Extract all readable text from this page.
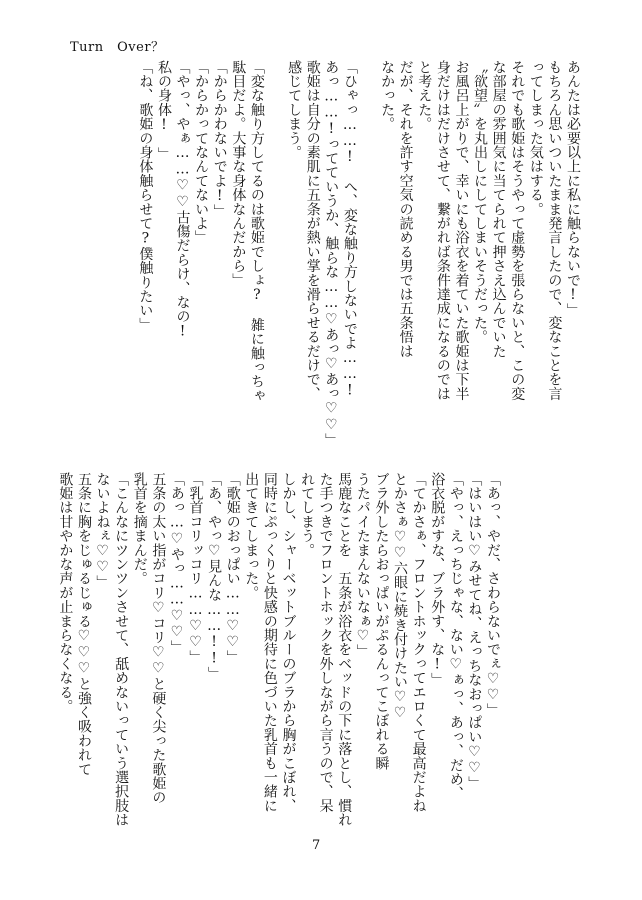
Turn　Over？
あんたは必要以上に私に触らないで!」
もちろん思いついたまま発言したので、変なことを言
ってしまった気はする。
それでも歌姫はそうやって虚勢を張らないと、この変
な部屋の雰囲気に当てられて押さえ込んでいた
〝欲望〟を丸出しにしてしまいそうだった。
お風呂上がりで、幸いにも浴衣を着ていた歌姫は下半
身だけはだけさせて、繋がれば条件達成になるのでは
と考えた。
だが、それを許す空気の読める男では五条悟は
なかった。

「ひゃっ……!　へ、変な触り方しないでよ……!
あっ……!ってていうか、触らな……♡あっ♡あっ♡♡」
歌姫は自分の素肌に五条が熱い掌を滑らせるだけで、
感じてしまう。

「変な触り方してるのは歌姫でしょ?　雑に触っちゃ
駄目だよ。大事な身体なんだから」
「からかわないでよ!」
「からかってなんてないよ」
「やっ、やぁ……♡♡古傷だらけ、なの!
私の身体!　」
「ね、歌姫の身体触らせて?僕触りたい」
「あっ、やだ、さわらないでぇ♡♡」
「はいはい♡みせてね、えっちなおっぱい♡♡」
「やっ、えっちじゃな、ない♡ぁっ、あっ、だめ、
浴衣脱がすな、ブラ外す、な!」
「てかさぁ、フロントホックってエロくて最高だよね
とかさぁ♡♡六眼に焼き付けたい♡♡
ブラ外したらおっぱいがぷるんってこぼれる瞬
うたパイたまんないなぁ♡」
馬鹿なことを　五条が浴衣をベッドの下に落とし、慣れ
た手つきでフロントホックを外しながら言うので、呆
れてしまう。
しかし、シャーベットブルーのブラから胸がこぼれ、
同時にぷっくりと快感の期待に色づいた乳首も一緒に
出てきてしまった。
「歌姫のおっぱい……♡♡」
「あ、やっ♡見んな……!!」
「乳首コリッコリ……♡♡」
「あっ…♡やっ……♡♡」
五条の太い指がコリ♡コリ♡♡と硬く尖った歌姫の
乳首を摘まんだ。
「こんなにツンツンさせて、舐めないっていう選択肢は
ないよねぇ♡♡」
五条に胸をじゅるじゅる♡♡♡と強く吸われて
歌姫は甘やかな声が止まらなくなる。
7
